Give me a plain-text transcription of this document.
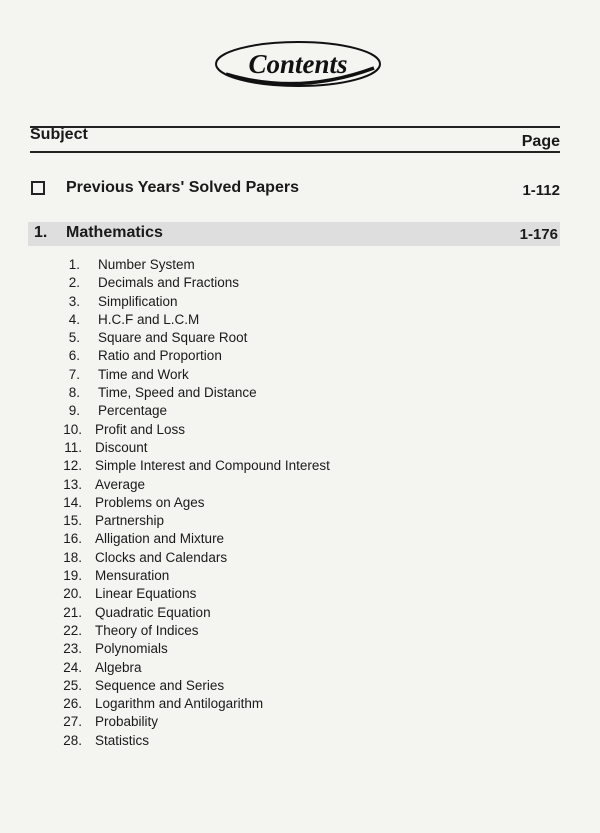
Contents
Subject	Page
Previous Years' Solved Papers	1-112
1. Mathematics	1-176
1. Number System
2. Decimals and Fractions
3. Simplification
4. H.C.F and L.C.M
5. Square and Square Root
6. Ratio and Proportion
7. Time and Work
8. Time, Speed and Distance
9. Percentage
10. Profit and Loss
11. Discount
12. Simple Interest and Compound Interest
13. Average
14. Problems on Ages
15. Partnership
16. Alligation and Mixture
18. Clocks and Calendars
19. Mensuration
20. Linear Equations
21. Quadratic Equation
22. Theory of Indices
23. Polynomials
24. Algebra
25. Sequence and Series
26. Logarithm and Antilogarithm
27. Probability
28. Statistics
